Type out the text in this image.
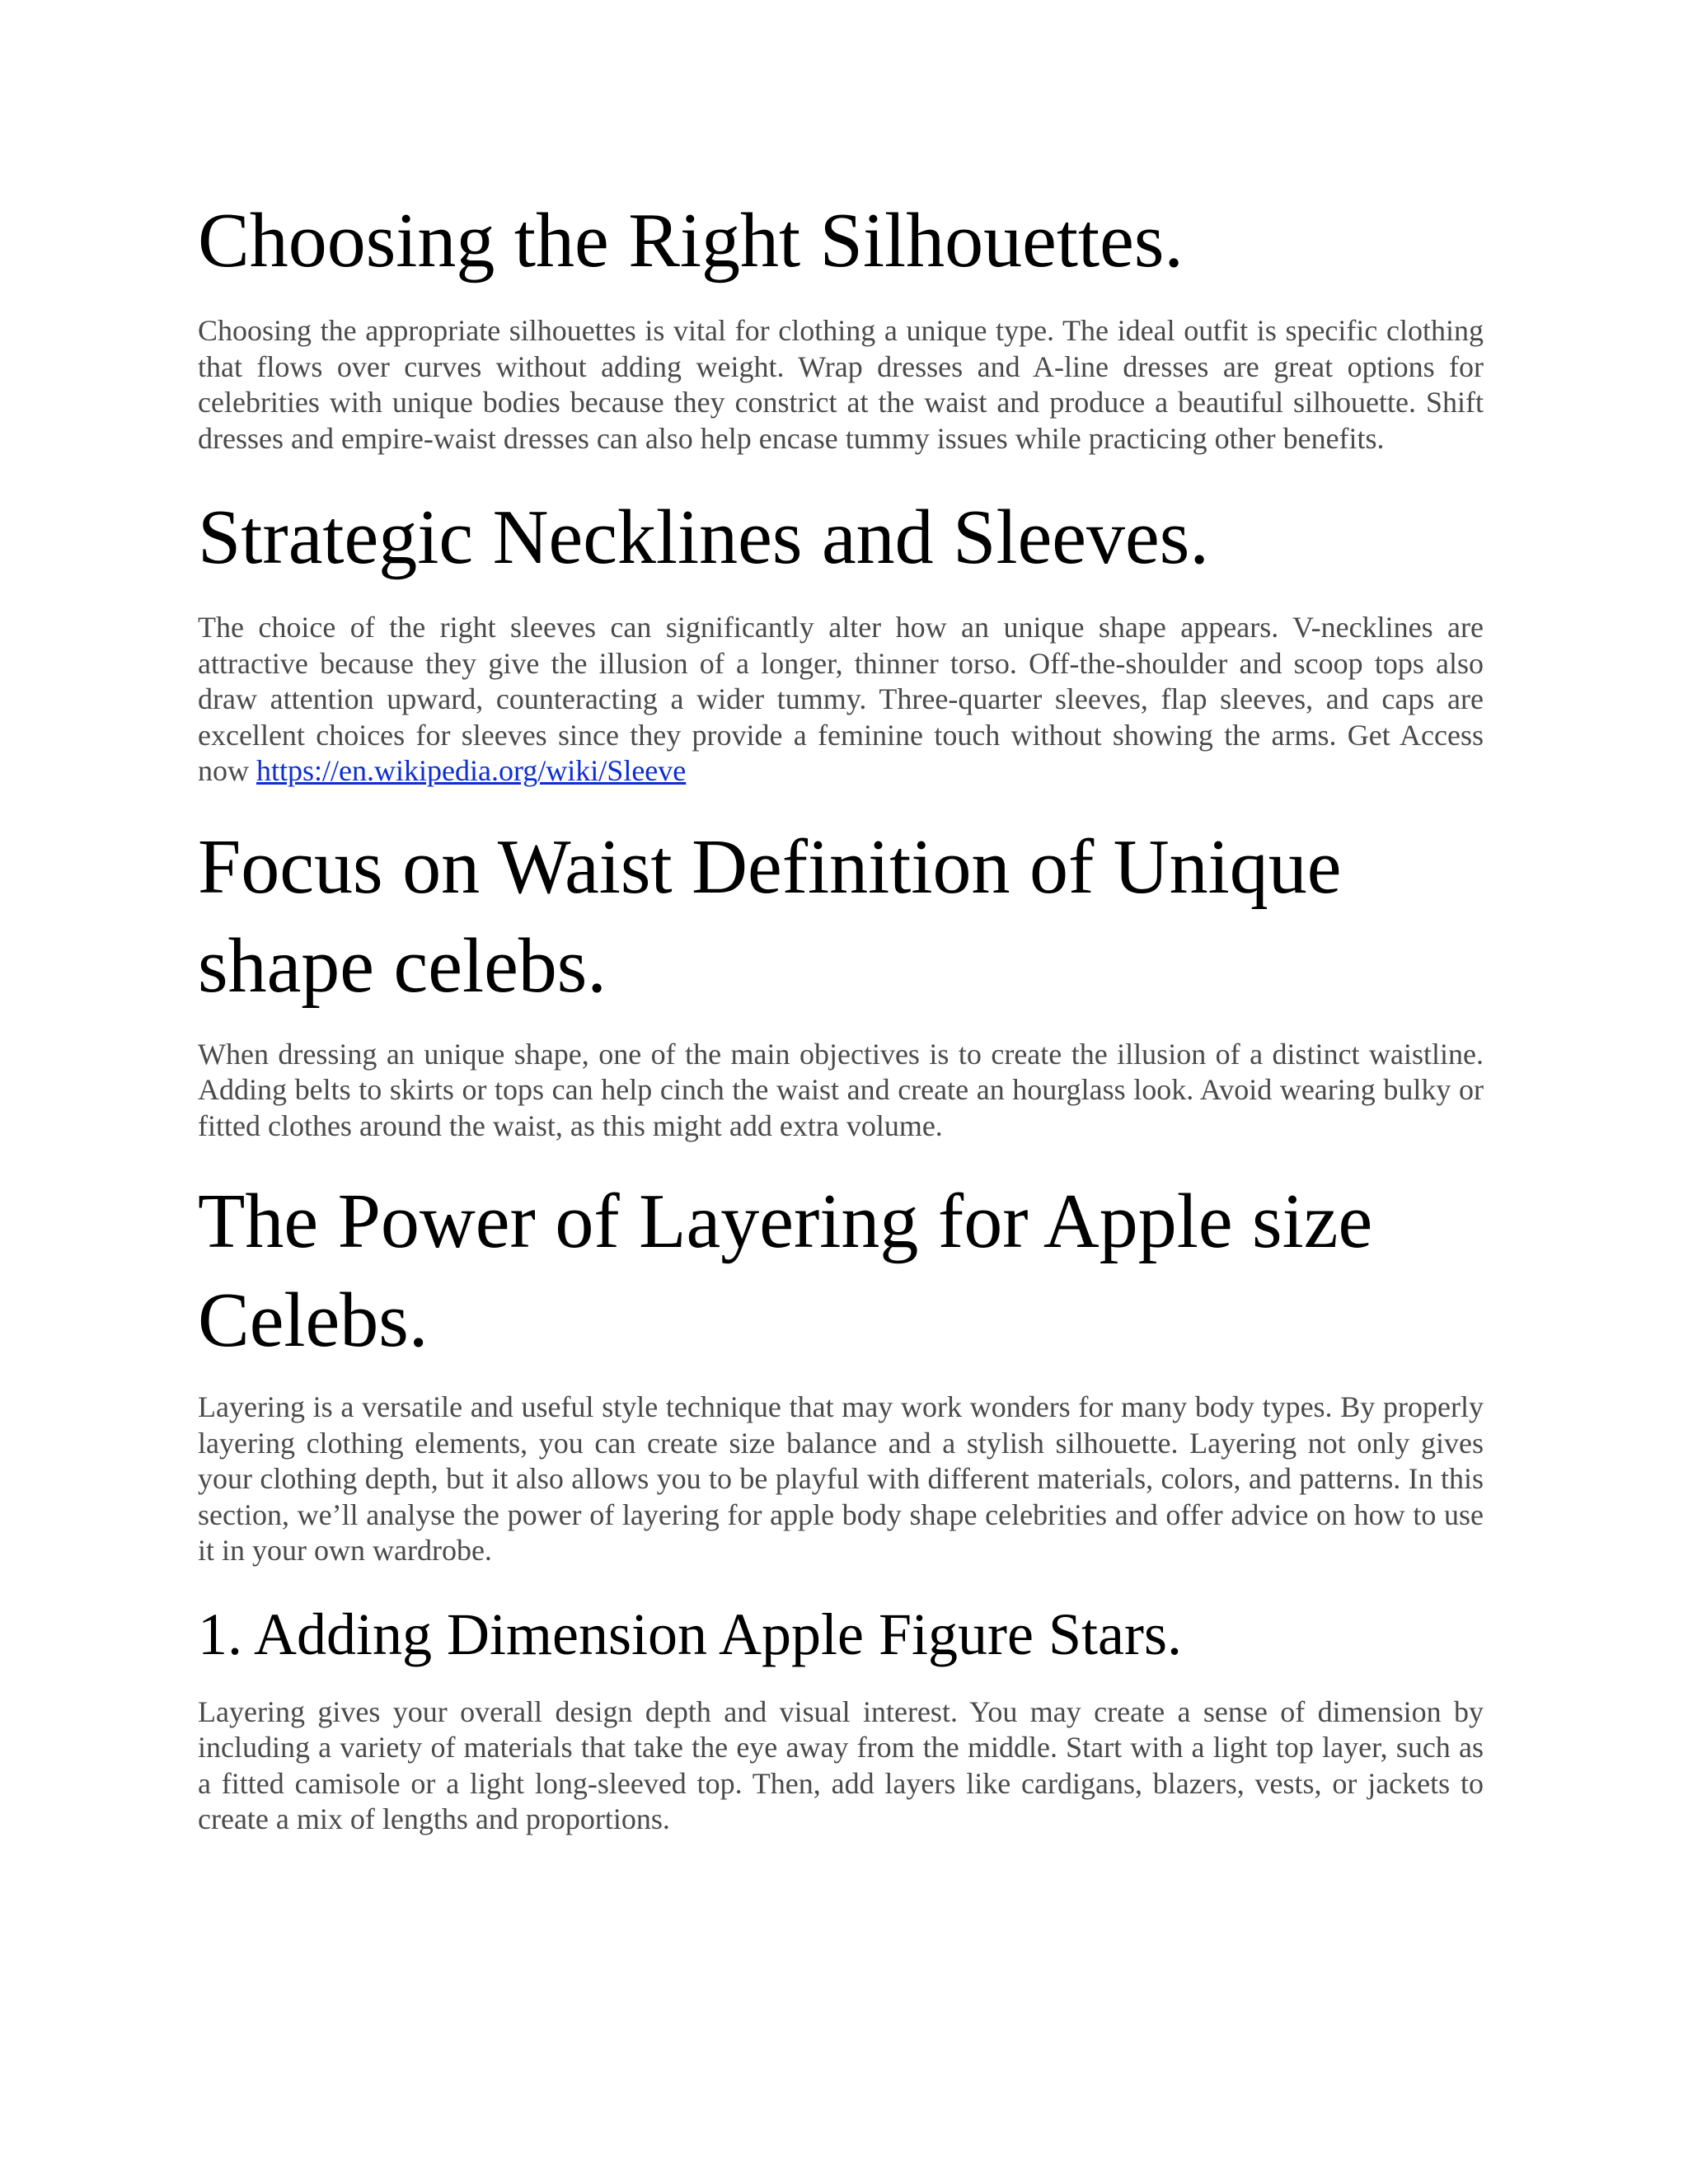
Choosing the Right Silhouettes.

Choosing the appropriate silhouettes is vital for clothing a unique type. The ideal outfit is specific clothing that flows over curves without adding weight. Wrap dresses and A-line dresses are great options for celebrities with unique bodies because they constrict at the waist and produce a beautiful silhouette. Shift dresses and empire-waist dresses can also help encase tummy issues while practicing other benefits.

Strategic Necklines and Sleeves.

The choice of the right sleeves can significantly alter how an unique shape appears. V-necklines are attractive because they give the illusion of a longer, thinner torso. Off-the-shoulder and scoop tops also draw attention upward, counteracting a wider tummy. Three-quarter sleeves, flap sleeves, and caps are excellent choices for sleeves since they provide a feminine touch without showing the arms. Get Access now https://en.wikipedia.org/wiki/Sleeve

Focus on Waist Definition of Unique shape celebs.

When dressing an unique shape, one of the main objectives is to create the illusion of a distinct waistline. Adding belts to skirts or tops can help cinch the waist and create an hourglass look. Avoid wearing bulky or fitted clothes around the waist, as this might add extra volume.

The Power of Layering for Apple size Celebs.

Layering is a versatile and useful style technique that may work wonders for many body types. By properly layering clothing elements, you can create size balance and a stylish silhouette. Layering not only gives your clothing depth, but it also allows you to be playful with different materials, colors, and patterns. In this section, we’ll analyse the power of layering for apple body shape celebrities and offer advice on how to use it in your own wardrobe.

1. Adding Dimension Apple Figure Stars.

Layering gives your overall design depth and visual interest. You may create a sense of dimension by including a variety of materials that take the eye away from the middle. Start with a light top layer, such as a fitted camisole or a light long-sleeved top. Then, add layers like cardigans, blazers, vests, or jackets to create a mix of lengths and proportions.
